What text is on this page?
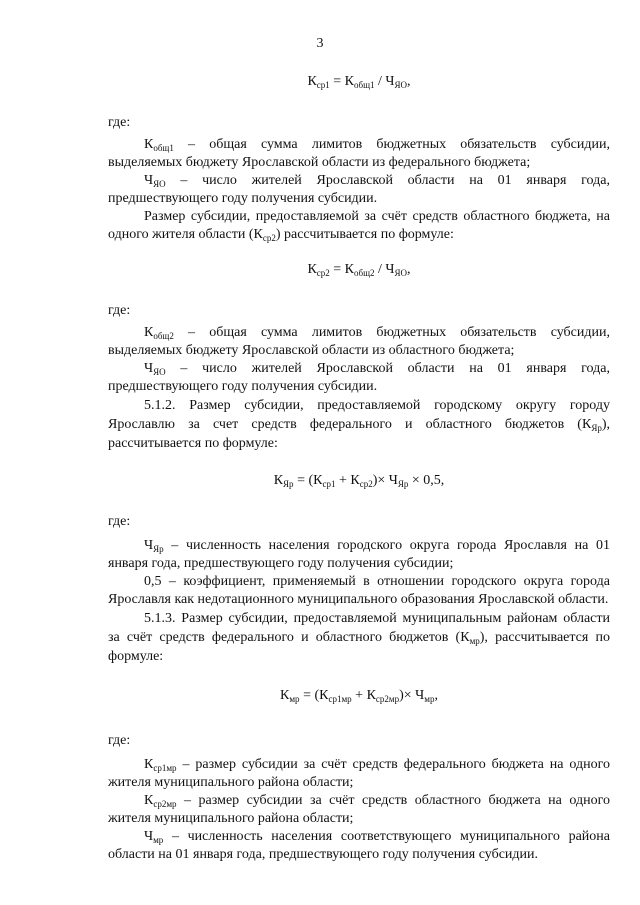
3
$К_{ср1} = К_{общ1} / Ч_{ЯО}$,

где:

$К_{общ1}$ – общая сумма лимитов бюджетных обязательств субсидии, выделяемых бюджету Ярославской области из федерального бюджета;

$Ч_{ЯО}$ – число жителей Ярославской области на 01 января года, предшествующего году получения субсидии.

Размер субсидии, предоставляемой за счёт средств областного бюджета, на одного жителя области $(К_{ср2})$ рассчитывается по формуле:

$К_{ср2} = К_{общ2} / Ч_{ЯО}$,

где:

$К_{общ2}$ – общая сумма лимитов бюджетных обязательств субсидии, выделяемых бюджету Ярославской области из областного бюджета;

$Ч_{ЯО}$ – число жителей Ярославской области на 01 января года, предшествующего году получения субсидии.

5.1.2. Размер субсидии, предоставляемой городскому округу городу Ярославлю за счет средств федерального и областного бюджетов $(К_{Яр})$, рассчитывается по формуле:

$К_{Яр} = (К_{ср1} + К_{ср2})\times Ч_{Яр} \times 0,5$,

где:

$Ч_{Яр}$ – численность населения городского округа города Ярославля на 01 января года, предшествующего году получения субсидии;

0,5 – коэффициент, применяемый в отношении городского округа города Ярославля как недотационного муниципального образования Ярославской области.

5.1.3. Размер субсидии, предоставляемой муниципальным районам области за счёт средств федерального и областного бюджетов $(К_{мр})$, рассчитывается по формуле:

$К_{мр} = (К_{ср1мр} + К_{ср2мр})\times Ч_{мр}$,

где:

$К_{ср1мр}$ – размер субсидии за счёт средств федерального бюджета на одного жителя муниципального района области;

$К_{ср2мр}$ – размер субсидии за счёт средств областного бюджета на одного жителя муниципального района области;

$Ч_{мр}$ – численность населения соответствующего муниципального района области на 01 января года, предшествующего году получения субсидии.
